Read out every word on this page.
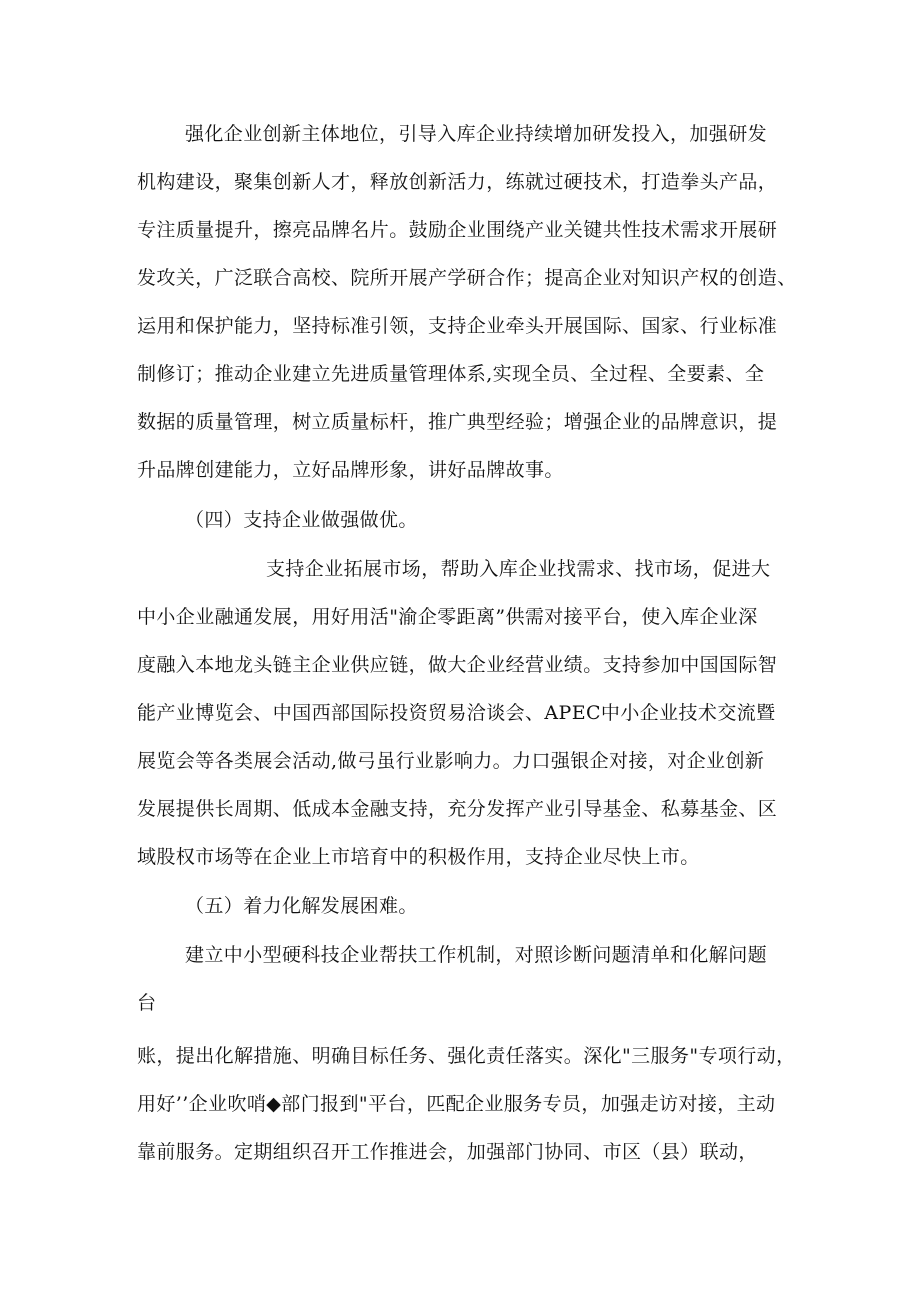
强化企业创新主体地位，引导入库企业持续增加研发投入，加强研发
机构建设，聚集创新人才，释放创新活力，练就过硬技术，打造拳头产品，
专注质量提升，擦亮品牌名片。鼓励企业围绕产业关键共性技术需求开展研
发攻关，广泛联合高校、院所开展产学研合作；提高企业对知识产权的创造、
运用和保护能力，坚持标准引领，支持企业牵头开展国际、国家、行业标准
制修订；推动企业建立先进质量管理体系,实现全员、全过程、全要素、全
数据的质量管理，树立质量标杆，推广典型经验；增强企业的品牌意识，提
升品牌创建能力，立好品牌形象，讲好品牌故事。
（四）支持企业做强做优。
支持企业拓展市场，帮助入库企业找需求、找市场，促进大
中小企业融通发展，用好用活"渝企零距离”供需对接平台，使入库企业深
度融入本地龙头链主企业供应链，做大企业经营业绩。支持参加中国国际智
能产业博览会、中国西部国际投资贸易洽谈会、APEC中小企业技术交流暨
展览会等各类展会活动,做弓虽行业影响力。力口强银企对接，对企业创新
发展提供长周期、低成本金融支持，充分发挥产业引导基金、私募基金、区
域股权市场等在企业上市培育中的积极作用，支持企业尽快上市。
（五）着力化解发展困难。
建立中小型硬科技企业帮扶工作机制，对照诊断问题清单和化解问题
台
账，提出化解措施、明确目标任务、强化责任落实。深化"三服务"专项行动，
用好’’企业吹哨◆部门报到"平台，匹配企业服务专员，加强走访对接，主动
靠前服务。定期组织召开工作推进会，加强部门协同、市区（县）联动，
